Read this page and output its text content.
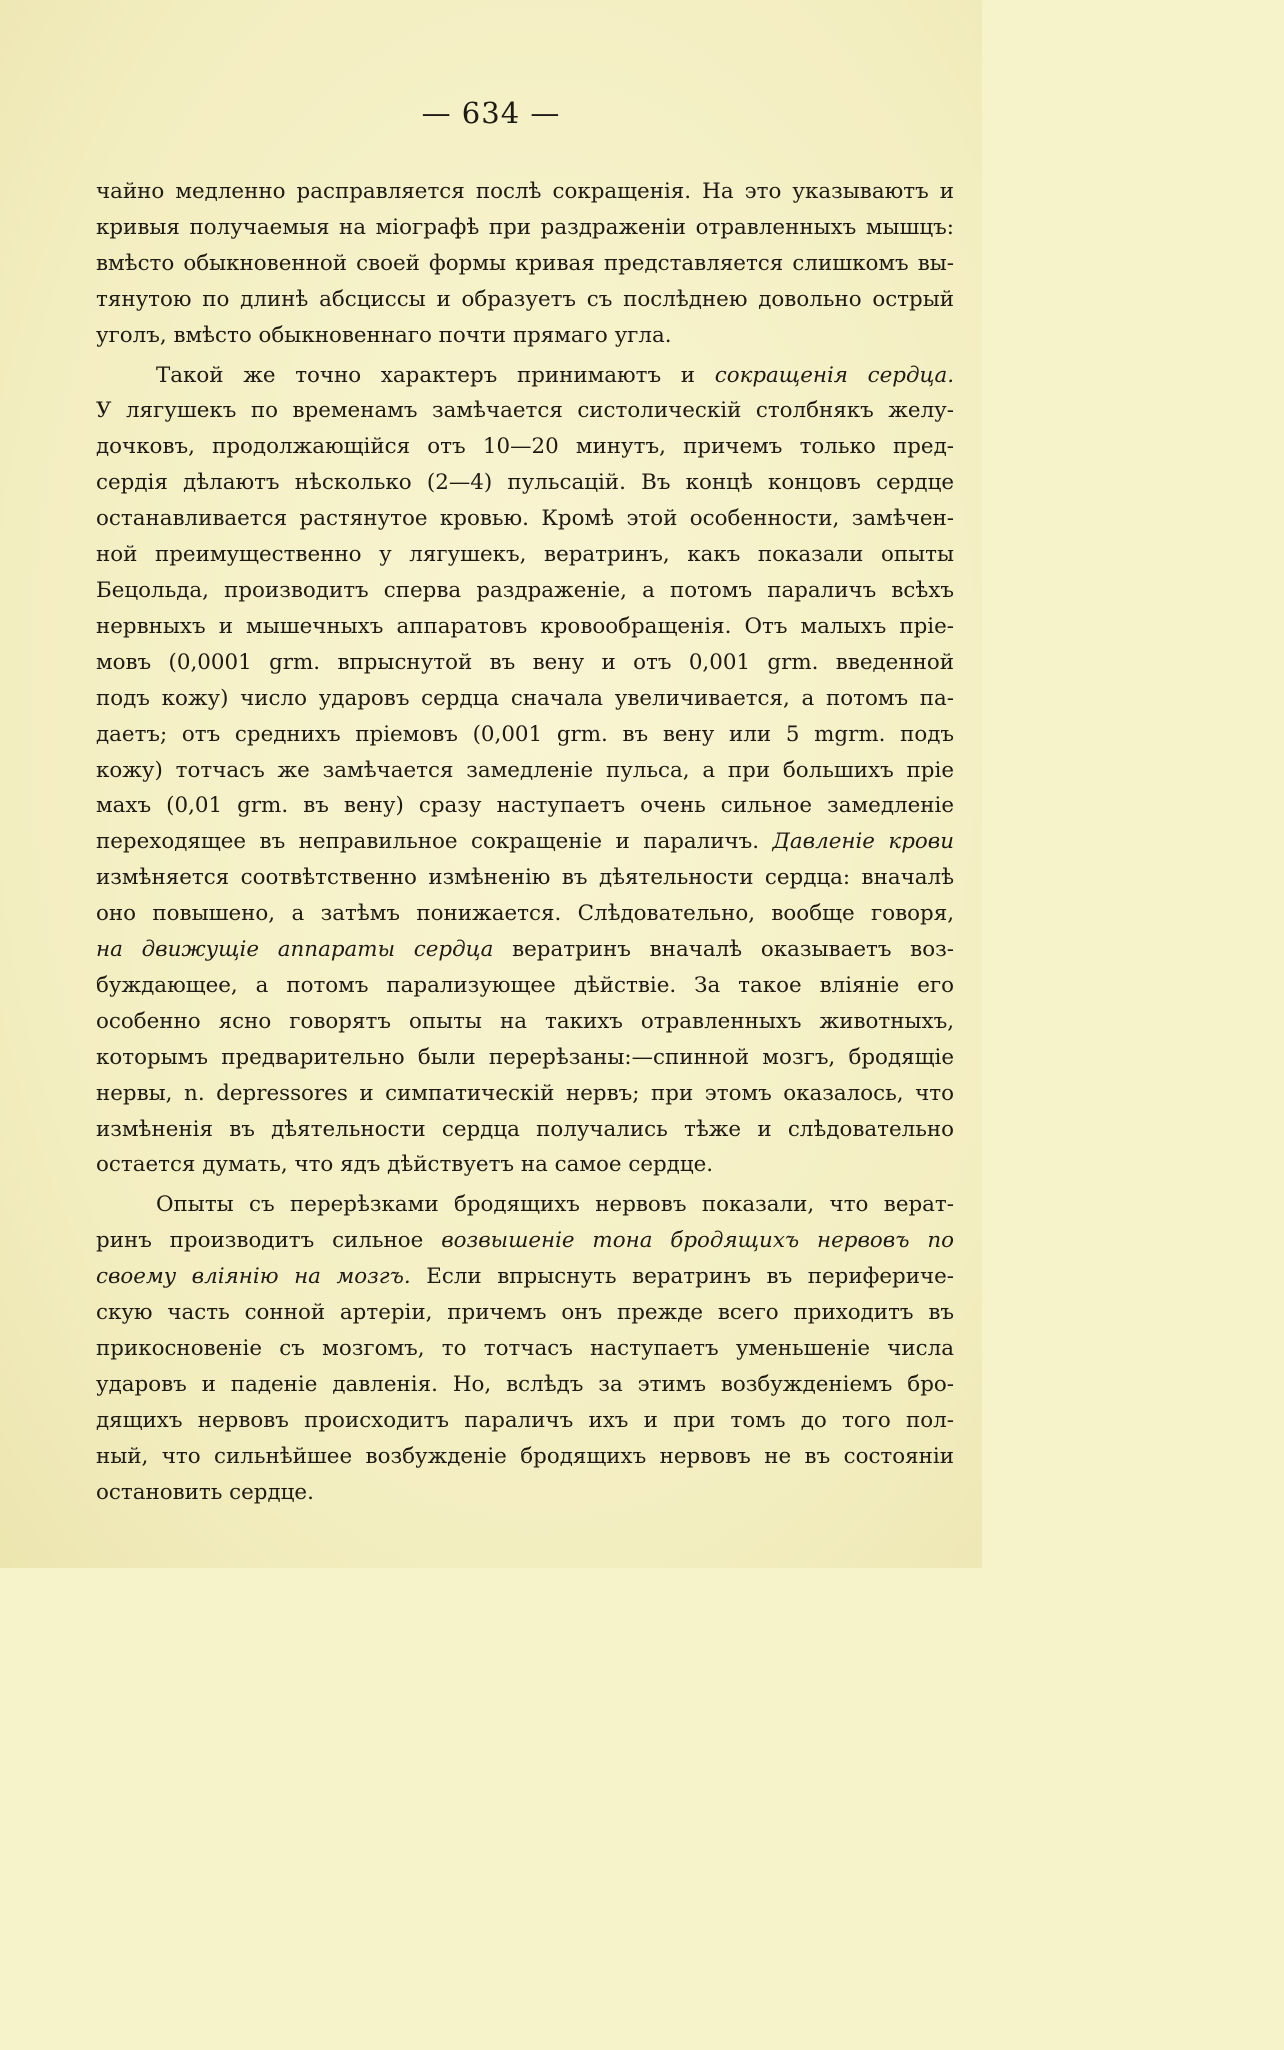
— 634 —
чайно медленно расправляется послѣ сокращенія. На это указываютъ и
кривыя получаемыя на міографѣ при раздраженіи отравленныхъ мышцъ:
вмѣсто обыкновенной своей формы кривая представляется слишкомъ вы-
тянутою по длинѣ абсциссы и образуетъ съ послѣднею довольно острый
уголъ, вмѣсто обыкновеннаго почти прямаго угла.
Такой же точно характеръ принимаютъ и сокращенія сердца.
У лягушекъ по временамъ замѣчается систолическій столбнякъ желу-
дочковъ, продолжающійся отъ 10—20 минутъ, причемъ только пред-
сердія дѣлаютъ нѣсколько (2—4) пульсацій. Въ концѣ концовъ сердце
останавливается растянутое кровью. Кромѣ этой особенности, замѣчен-
ной преимущественно у лягушекъ, вератринъ, какъ показали опыты
Бецольда, производитъ сперва раздраженіе, а потомъ параличъ всѣхъ
нервныхъ и мышечныхъ аппаратовъ кровообращенія. Отъ малыхъ пріе-
мовъ (0,0001 grm. впрыснутой въ вену и отъ 0,001 grm. введенной
подъ кожу) число ударовъ сердца сначала увеличивается, а потомъ па-
даетъ; отъ среднихъ пріемовъ (0,001 grm. въ вену или 5 mgrm. подъ
кожу) тотчасъ же замѣчается замедленіе пульса, а при большихъ пріе
махъ (0,01 grm. въ вену) сразу наступаетъ очень сильное замедленіе
переходящее въ неправильное сокращеніе и параличъ. Давленіе крови
измѣняется соотвѣтственно измѣненію въ дѣятельности сердца: вначалѣ
оно повышено, а затѣмъ понижается. Слѣдовательно, вообще говоря,
на движущіе аппараты сердца вератринъ вначалѣ оказываетъ воз-
буждающее, а потомъ парализующее дѣйствіе. За такое вліяніе его
особенно ясно говорятъ опыты на такихъ отравленныхъ животныхъ,
которымъ предварительно были перерѣзаны:—спинной мозгъ, бродящіе
нервы, n. depressores и симпатическій нервъ; при этомъ оказалось, что
измѣненія въ дѣятельности сердца получались тѣже и слѣдовательно
остается думать, что ядъ дѣйствуетъ на самое сердце.
Опыты съ перерѣзками бродящихъ нервовъ показали, что верат-
ринъ производитъ сильное возвышеніе тона бродящихъ нервовъ по
своему вліянію на мозгъ. Если впрыснуть вератринъ въ перифериче-
скую часть сонной артеріи, причемъ онъ прежде всего приходитъ въ
прикосновеніе съ мозгомъ, то тотчасъ наступаетъ уменьшеніе числа
ударовъ и паденіе давленія. Но, вслѣдъ за этимъ возбужденіемъ бро-
дящихъ нервовъ происходитъ параличъ ихъ и при томъ до того пол-
ный, что сильнѣйшее возбужденіе бродящихъ нервовъ не въ состояніи
остановить сердце.
